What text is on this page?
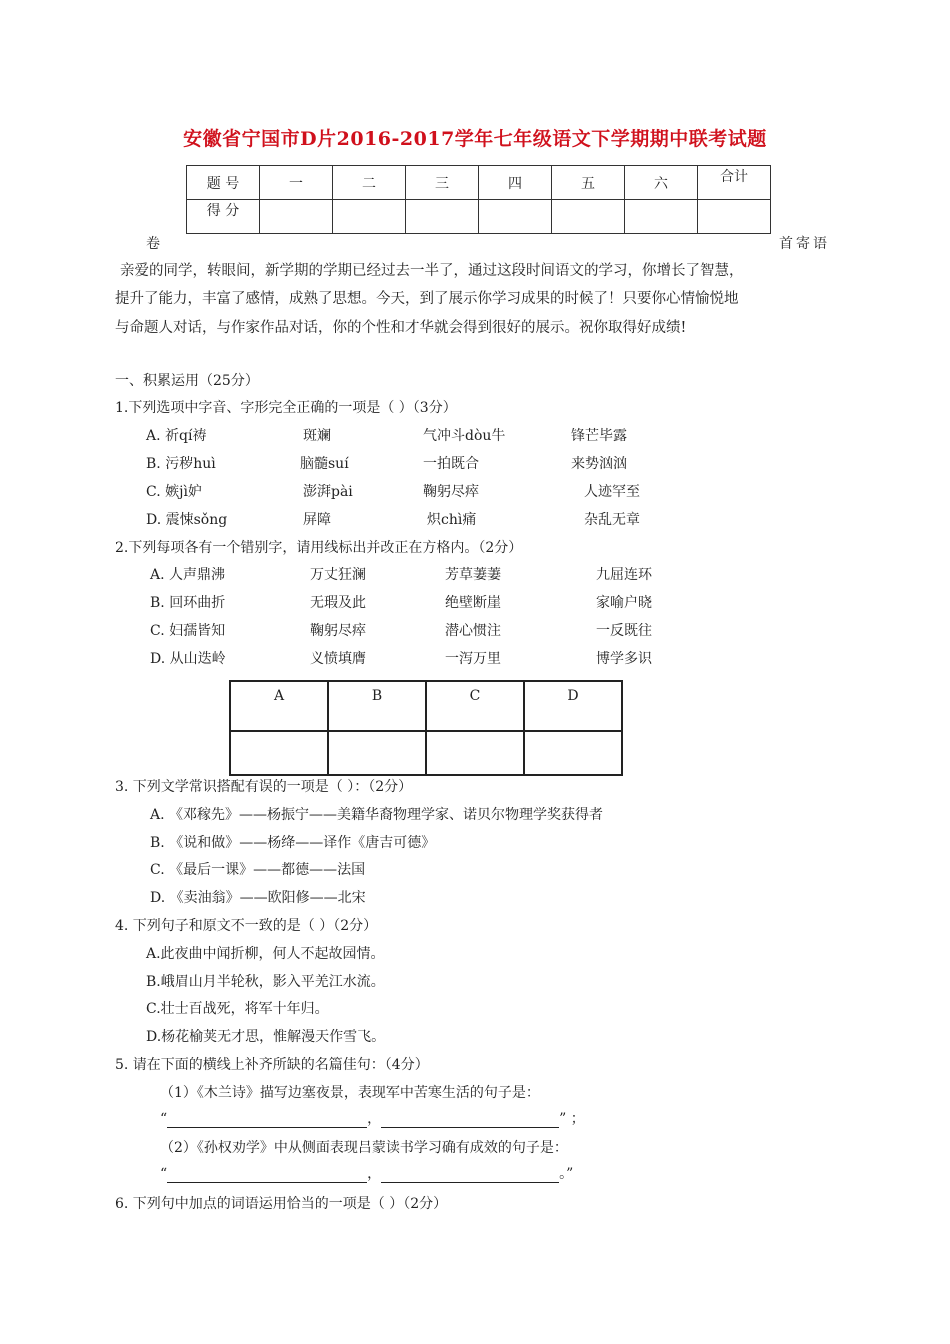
安徽省宁国市D片2016-2017学年七年级语文下学期期中联考试题
题 号	一	二	三	四	五	六	合计
得 分							
卷	首寄语
亲爱的同学，转眼间，新学期的学期已经过去一半了，通过这段时间语文的学习，你增长了智慧，
提升了能力，丰富了感情，成熟了思想。今天，到了展示你学习成果的时候了！只要你心情愉悦地
与命题人对话，与作家作品对话，你的个性和才华就会得到很好的展示。祝你取得好成绩!
一、积累运用（25分）
1.下列选项中字音、字形完全正确的一项是（ ）（3分）
A. 祈qí祷	斑斓	气冲斗dòu牛	锋芒毕露
B. 污秽huì	脑髓suí	一拍既合	来势汹汹
C. 嫉jì妒	澎湃pài	鞠躬尽瘁	人迹罕至
D. 震悚sǒng	屏障	炽chì痛	杂乱无章
2.下列每项各有一个错别字，请用线标出并改正在方格内。（2分）
A. 人声鼎沸	万丈狂澜	芳草萋萋	九屈连环
B. 回环曲折	无瑕及此	绝壁断崖	家喻户晓
C. 妇孺皆知	鞠躬尽瘁	潜心惯注	一反既往
D. 从山迭岭	义愤填膺	一泻万里	博学多识
A	B	C	D

3. 下列文学常识搭配有误的一项是（ ）：（2分）
A. 《邓稼先》——杨振宁——美籍华裔物理学家、诺贝尔物理学奖获得者
B. 《说和做》——杨绛——译作《唐吉可德》
C. 《最后一课》——都德——法国
D. 《卖油翁》——欧阳修——北宋
4. 下列句子和原文不一致的是（ ）（2分）
A.此夜曲中闻折柳，何人不起故园情。
B.峨眉山月半轮秋，影入平羌江水流。
C.壮士百战死，将军十年归。
D.杨花榆荚无才思，惟解漫天作雪飞。
5. 请在下面的横线上补齐所缺的名篇佳句：（4分）
（1）《木兰诗》描写边塞夜景，表现军中苦寒生活的句子是：
“	，	” ；
（2）《孙权劝学》中从侧面表现吕蒙读书学习确有成效的句子是：
“	，	。”
6. 下列句中加点的词语运用恰当的一项是（ ）（2分）
